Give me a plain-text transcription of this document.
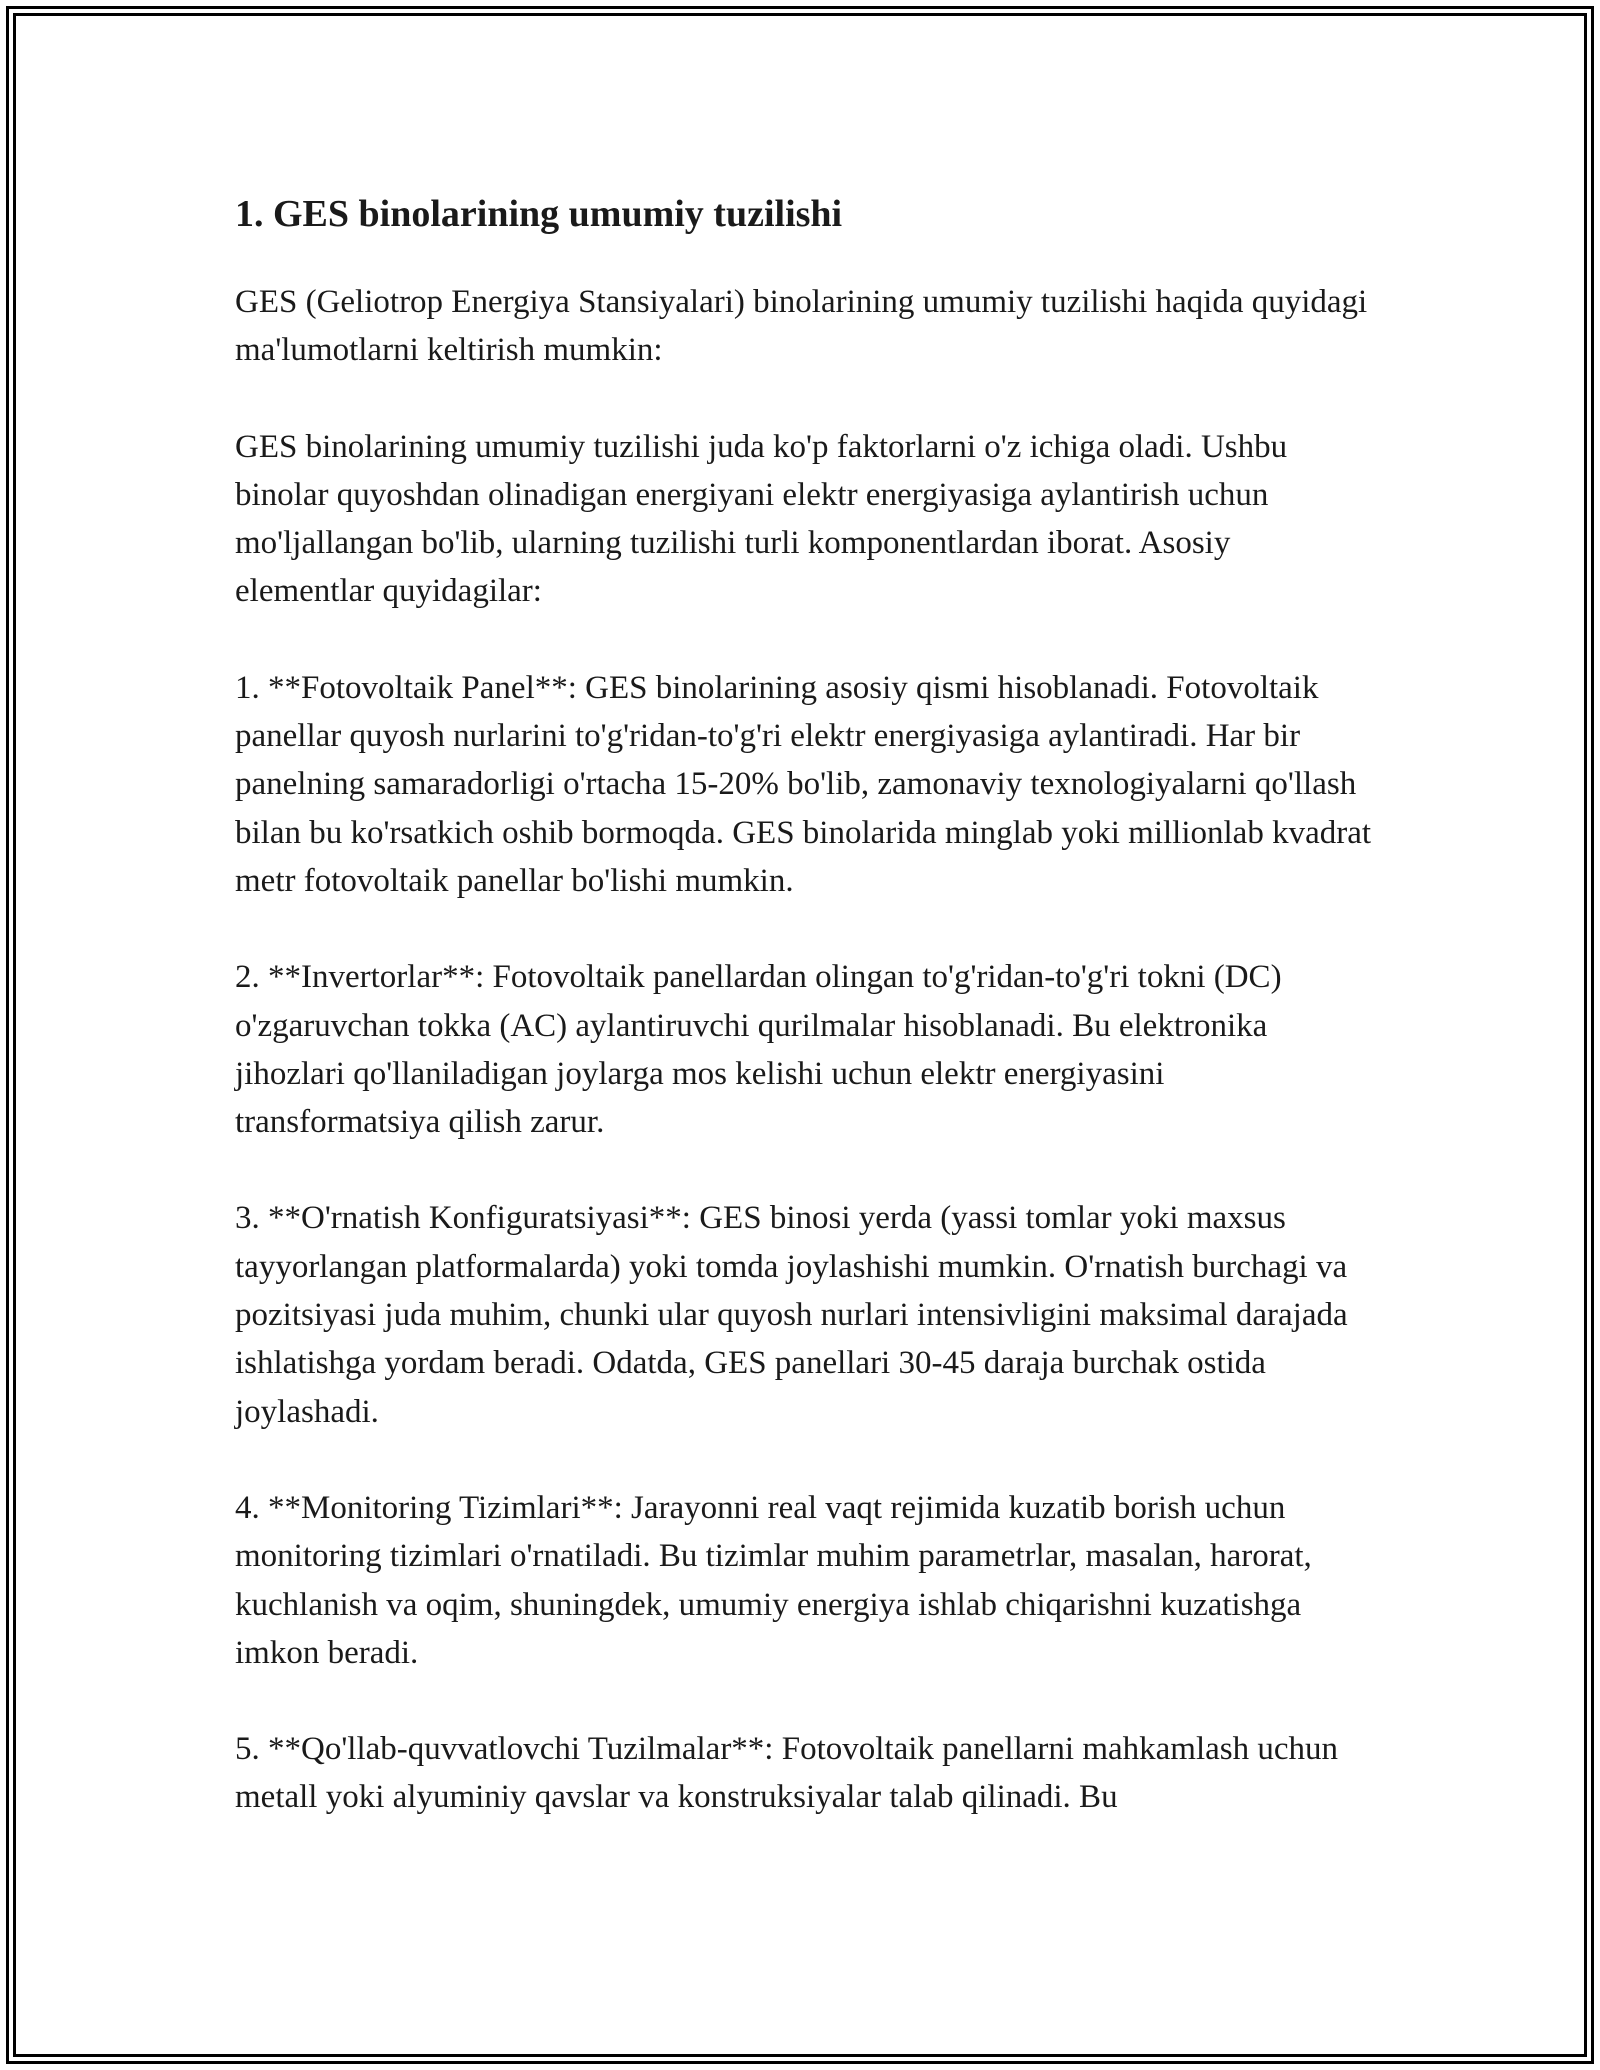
1. GES binolarining umumiy tuzilishi

GES (Geliotrop Energiya Stansiyalari) binolarining umumiy tuzilishi haqida quyidagi ma'lumotlarni keltirish mumkin:

GES binolarining umumiy tuzilishi juda ko'p faktorlarni o'z ichiga oladi. Ushbu binolar quyoshdan olinadigan energiyani elektr energiyasiga aylantirish uchun mo'ljallangan bo'lib, ularning tuzilishi turli komponentlardan iborat. Asosiy elementlar quyidagilar:

1. **Fotovoltaik Panel**: GES binolarining asosiy qismi hisoblanadi. Fotovoltaik panellar quyosh nurlarini to'g'ridan-to'g'ri elektr energiyasiga aylantiradi. Har bir panelning samaradorligi o'rtacha 15-20% bo'lib, zamonaviy texnologiyalarni qo'llash bilan bu ko'rsatkich oshib bormoqda. GES binolarida minglab yoki millionlab kvadrat metr fotovoltaik panellar bo'lishi mumkin.

2. **Invertorlar**: Fotovoltaik panellardan olingan to'g'ridan-to'g'ri tokni (DC) o'zgaruvchan tokka (AC) aylantiruvchi qurilmalar hisoblanadi. Bu elektronika jihozlari qo'llaniladigan joylarga mos kelishi uchun elektr energiyasini transformatsiya qilish zarur.

3. **O'rnatish Konfiguratsiyasi**: GES binosi yerda (yassi tomlar yoki maxsus tayyorlangan platformalarda) yoki tomda joylashishi mumkin. O'rnatish burchagi va pozitsiyasi juda muhim, chunki ular quyosh nurlari intensivligini maksimal darajada ishlatishga yordam beradi. Odatda, GES panellari 30-45 daraja burchak ostida joylashadi.

4. **Monitoring Tizimlari**: Jarayonni real vaqt rejimida kuzatib borish uchun monitoring tizimlari o'rnatiladi. Bu tizimlar muhim parametrlar, masalan, harorat, kuchlanish va oqim, shuningdek, umumiy energiya ishlab chiqarishni kuzatishga imkon beradi.

5. **Qo'llab-quvvatlovchi Tuzilmalar**: Fotovoltaik panellarni mahkamlash uchun metall yoki alyuminiy qavslar va konstruksiyalar talab qilinadi. Bu
